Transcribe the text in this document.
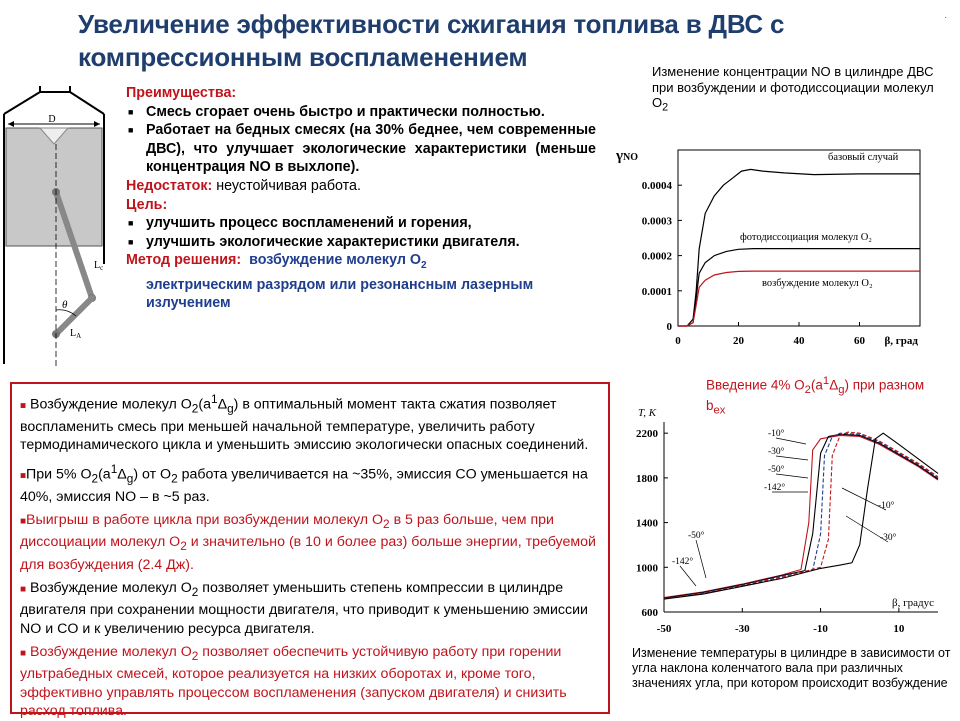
Увеличение эффективности сжигания топлива в ДВС с
компрессионным воспламенением
·
D
θ
$L_c$
$L_A$
Преимущества:
■ Смесь сгорает очень быстро и практически полностью.
■ Работает на бедных смесях (на 30% беднее, чем современные ДВС), что улучшает экологические характеристики (меньше концентрация NO в выхлопе).
Недостаток: неустойчивая работа.
Цель:
■ улучшить процесс воспламенений и горения,
■ улучшить экологические характеристики двигателя.
Метод решения: возбуждение молекул $O_2$
электрическим разрядом или резонансным лазерным излучением
■ Возбуждение молекул $O_2(a^1\Delta_g)$ в оптимальный момент такта сжатия позволяет воспламенить смесь при меньшей начальной температуре, увеличить работу термодинамического цикла и уменьшить эмиссию экологически опасных соединений.
■При 5% $O_2(a^1\Delta_g)$ от $O_2$ работа увеличивается на ~35%, эмиссия CO уменьшается на 40%, эмиссия NO – в ~5 раз.
■Выигрыш в работе цикла при возбуждении молекул $O_2$ в 5 раз больше, чем при диссоциации молекул $O_2$ и значительно (в 10 и более раз) больше энергии, требуемой для возбуждения (2.4 Дж).
■ Возбуждение молекул $O_2$ позволяет уменьшить степень компрессии в цилиндре двигателя при сохранении мощности двигателя, что приводит к уменьшению эмиссии NO и CO и к увеличению ресурса двигателя.
■ Возбуждение молекул $O_2$ позволяет обеспечить устойчивую работу при горении ультрабедных смесей, которое реализуется на низких оборотах и, кроме того, эффективно управлять процессом воспламенения (запуском двигателя) и снизить расход топлива.
Изменение концентрации NO в цилиндре ДВС при возбуждении и фотодиссоциации молекул $O_2$
Введение 4% $O_2(a^1\Delta_g)$ при разном $b_{ex}$
Изменение температуры в цилиндре в зависимости от угла наклона коленчатого вала при различных значениях угла, при котором происходит возбуждение
0	20	40	60
0
0.0001
0.0002
0.0003
0.0004
γNO
β, град
базовый случай
фотодиссоциация молекул O₂
возбуждение молекул O₂
-50	-30	-10	10
600
1000
1400
1800
2200
T, K
β, градус
-10°
-30°
-50°
-142°
-50°
-142°
-10°
-30°
